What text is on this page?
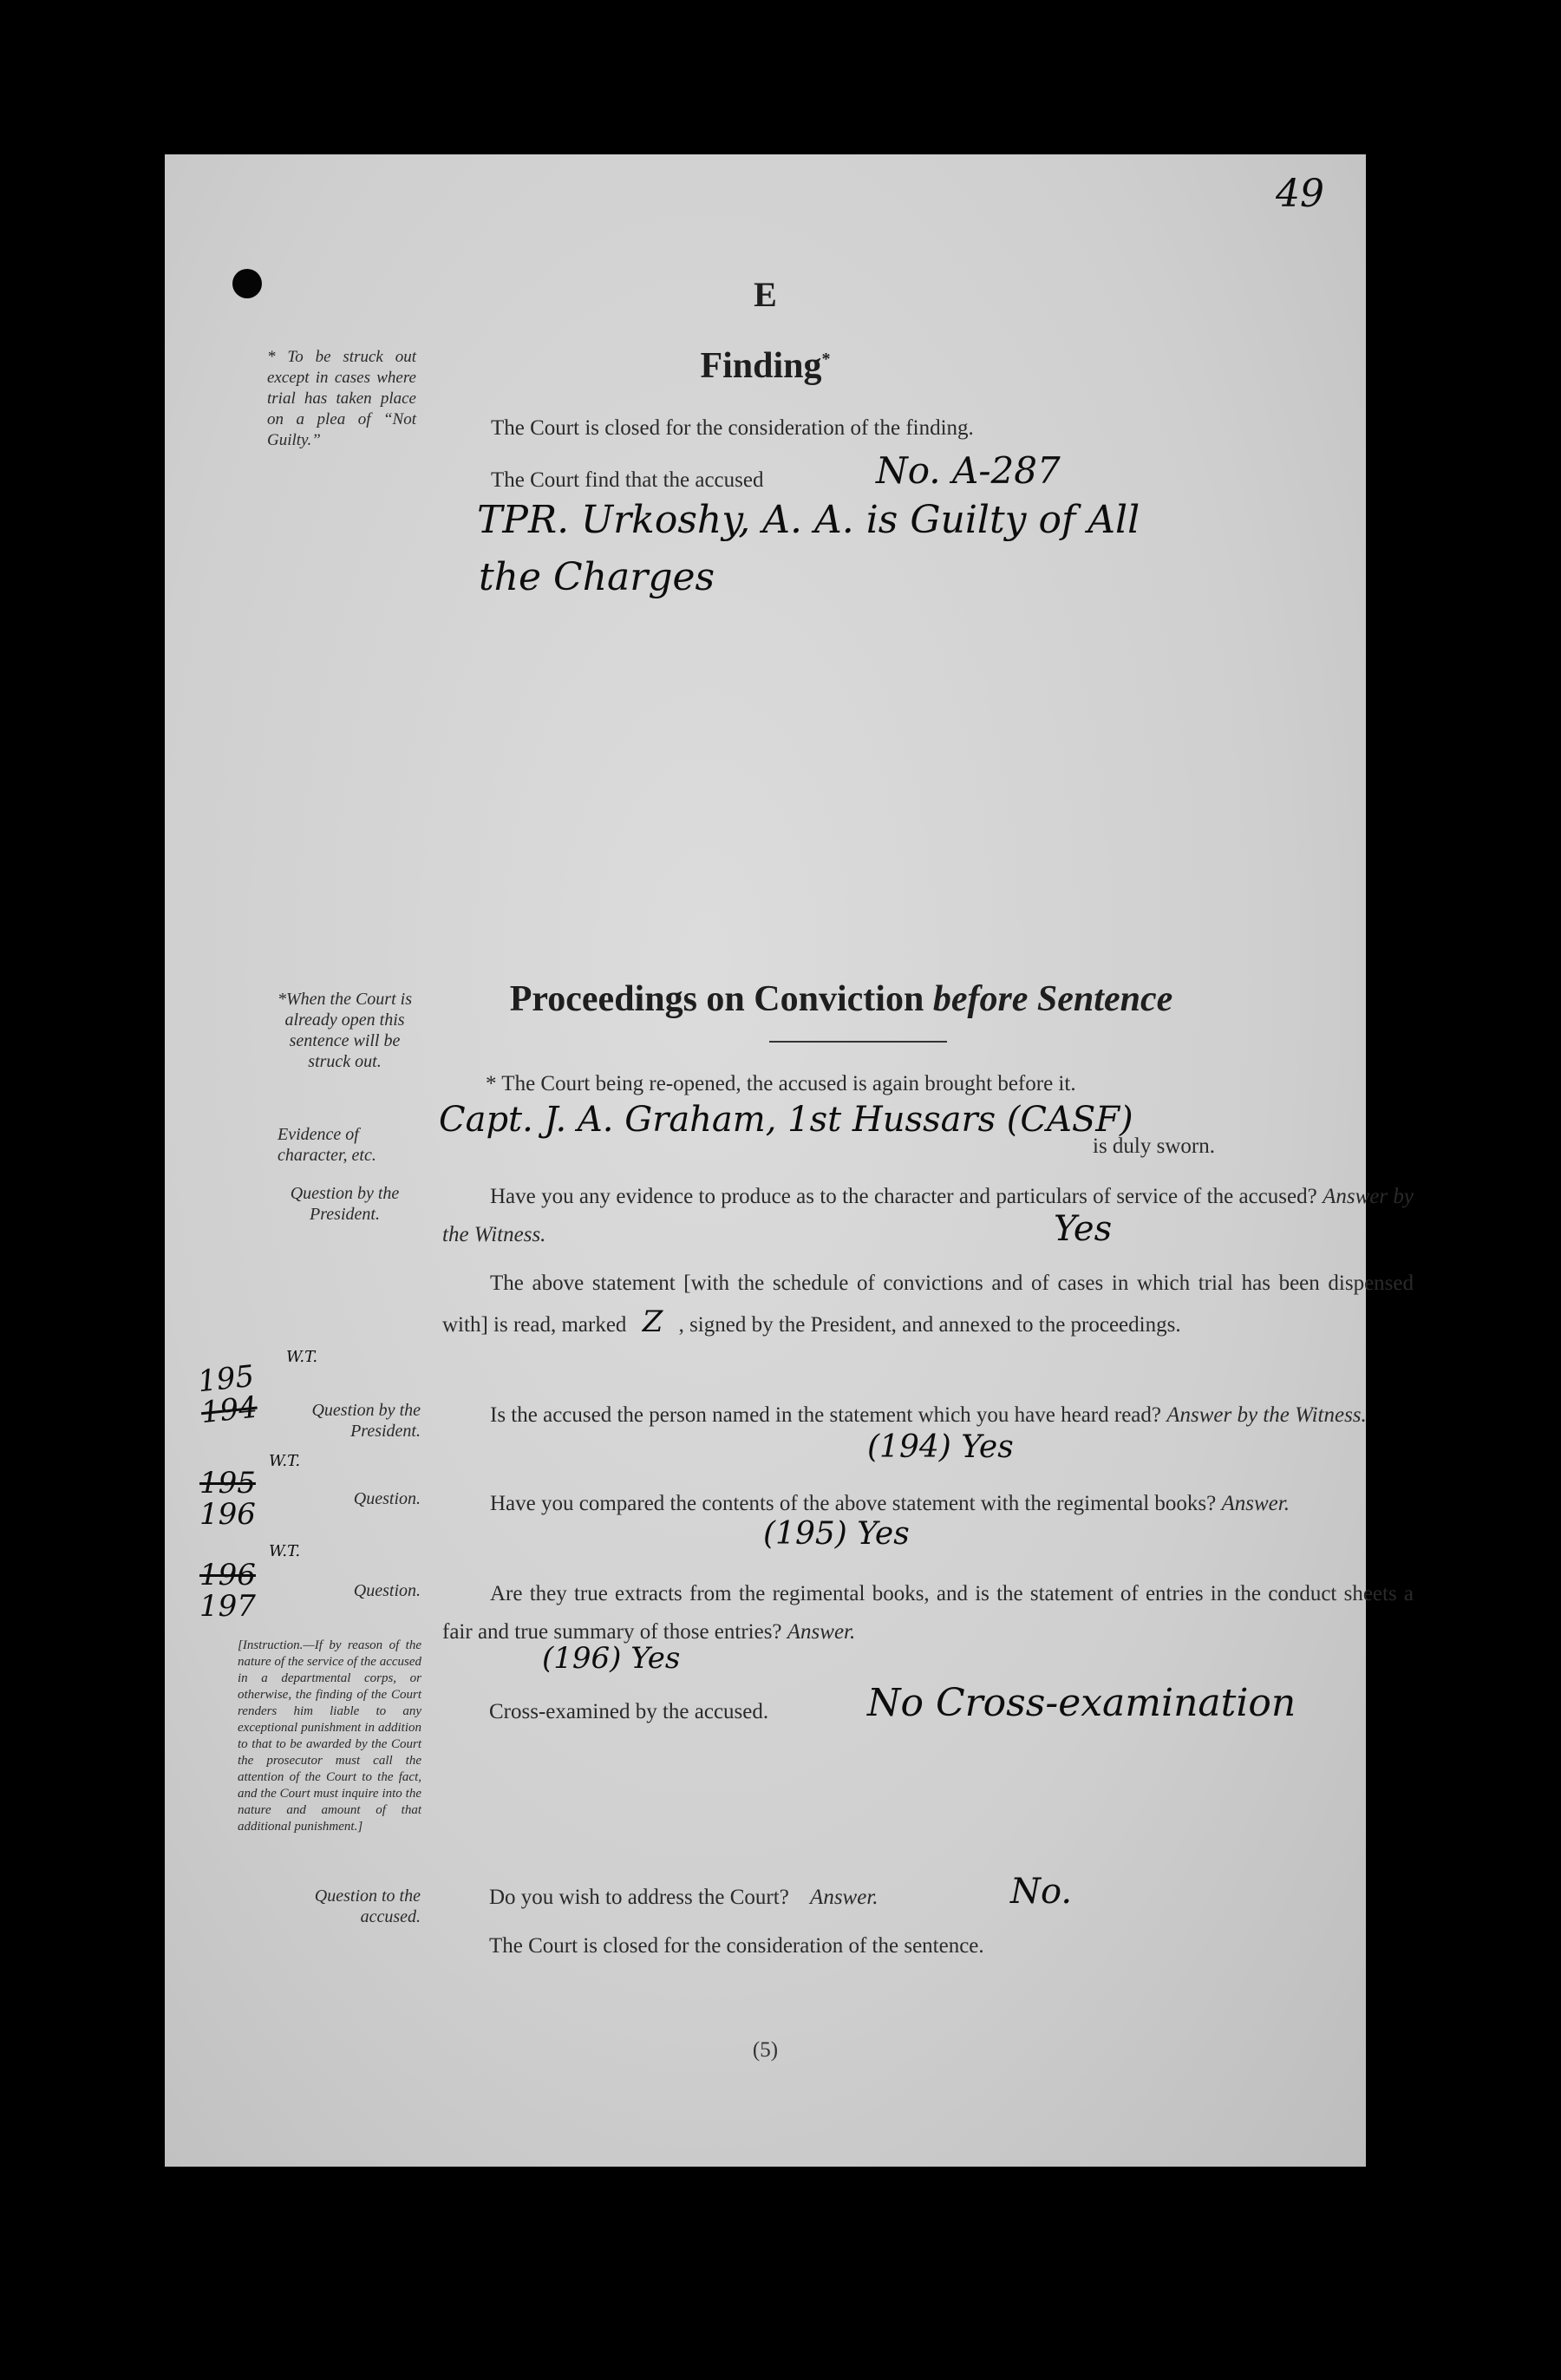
49
E
Finding*
* To be struck out except in cases where trial has taken place on a plea of “Not Guilty.”
The Court is closed for the consideration of the finding.
The Court find that the accused	No. A-287
TPR. Urkoshy, A. A. is Guilty of All
the Charges
Proceedings on Conviction before Sentence
*When the Court is already open this sentence will be struck out.
Evidence of character, etc.
Question by the President.
* The Court being re-opened, the accused is again brought before it.
Capt. J. A. Graham, 1st Hussars (CASF)
is duly sworn.
Have you any evidence to produce as to the character and particulars of service of the accused? Answer by the Witness.	Yes
The above statement [with the schedule of convictions and of cases in which trial has been dispensed with] is read, marked Z , signed by the President, and annexed to the proceedings.
195
194
W.T.
Question by the President.
Is the accused the person named in the statement which you have heard read? Answer by the Witness.
(194) Yes
195
196
W.T.
Question.	Have you compared the contents of the above statement with the regimental books? Answer.
(195) Yes
196
197
W.T.
Question.	Are they true extracts from the regimental books, and is the statement of entries in the conduct sheets a fair and true summary of those entries? Answer.
(196) Yes
[Instruction.—If by reason of the nature of the service of the accused in a departmental corps, or otherwise, the finding of the Court renders him liable to any exceptional punishment in addition to that to be awarded by the Court the prosecutor must call the attention of the Court to the fact, and the Court must inquire into the nature and amount of that additional punishment.]
Cross-examined by the accused.	No Cross-examination
Question to the accused.
Do you wish to address the Court? Answer.	No.
The Court is closed for the consideration of the sentence.
(5)
